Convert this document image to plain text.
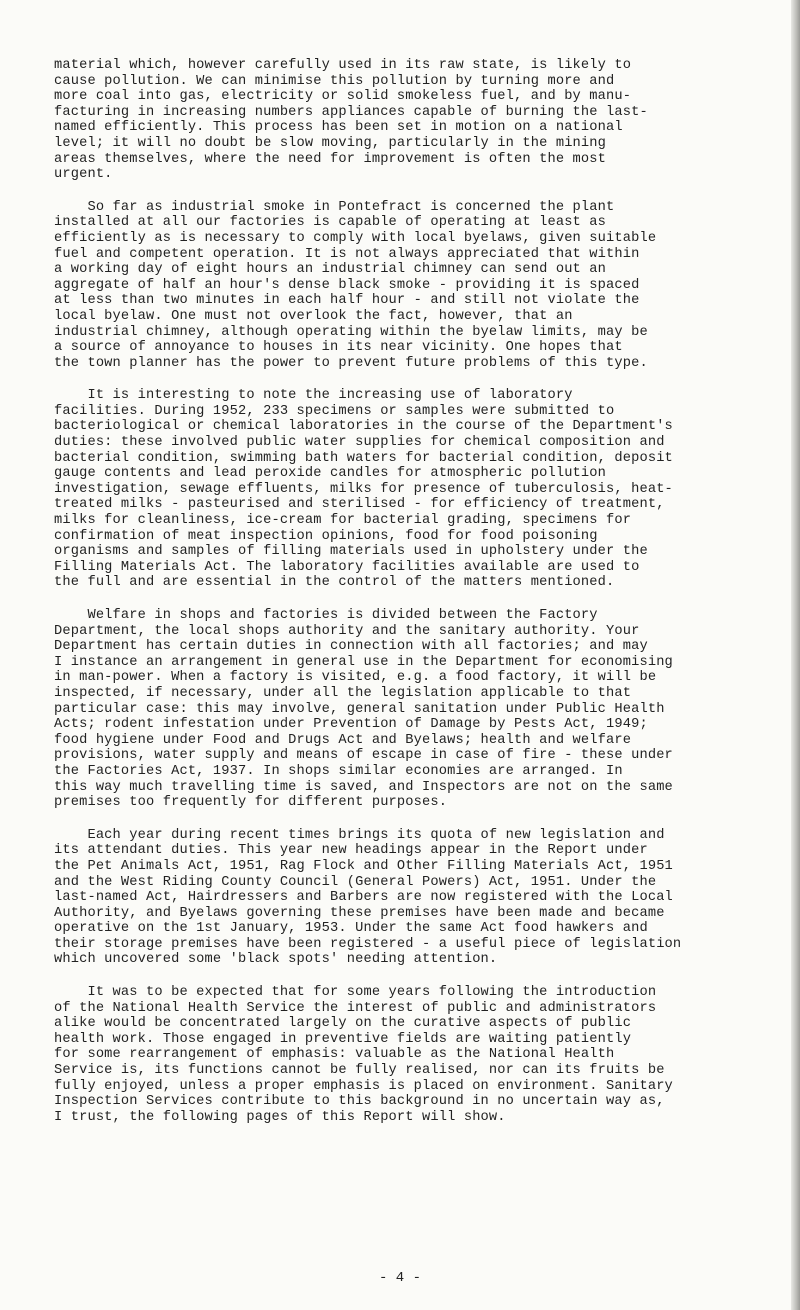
material which, however carefully used in its raw state, is likely to
cause pollution. We can minimise this pollution by turning more and
more coal into gas, electricity or solid smokeless fuel, and by manu-
facturing in increasing numbers appliances capable of burning the last-
named efficiently. This process has been set in motion on a national
level; it will no doubt be slow moving, particularly in the mining
areas themselves, where the need for improvement is often the most
urgent.
So far as industrial smoke in Pontefract is concerned the plant
installed at all our factories is capable of operating at least as
efficiently as is necessary to comply with local byelaws, given suitable
fuel and competent operation. It is not always appreciated that within
a working day of eight hours an industrial chimney can send out an
aggregate of half an hour's dense black smoke - providing it is spaced
at less than two minutes in each half hour - and still not violate the
local byelaw. One must not overlook the fact, however, that an
industrial chimney, although operating within the byelaw limits, may be
a source of annoyance to houses in its near vicinity. One hopes that
the town planner has the power to prevent future problems of this type.
It is interesting to note the increasing use of laboratory
facilities. During 1952, 233 specimens or samples were submitted to
bacteriological or chemical laboratories in the course of the Department's
duties: these involved public water supplies for chemical composition and
bacterial condition, swimming bath waters for bacterial condition, deposit
gauge contents and lead peroxide candles for atmospheric pollution
investigation, sewage effluents, milks for presence of tuberculosis, heat-
treated milks - pasteurised and sterilised - for efficiency of treatment,
milks for cleanliness, ice-cream for bacterial grading, specimens for
confirmation of meat inspection opinions, food for food poisoning
organisms and samples of filling materials used in upholstery under the
Filling Materials Act. The laboratory facilities available are used to
the full and are essential in the control of the matters mentioned.
Welfare in shops and factories is divided between the Factory
Department, the local shops authority and the sanitary authority. Your
Department has certain duties in connection with all factories; and may
I instance an arrangement in general use in the Department for economising
in man-power. When a factory is visited, e.g. a food factory, it will be
inspected, if necessary, under all the legislation applicable to that
particular case: this may involve, general sanitation under Public Health
Acts; rodent infestation under Prevention of Damage by Pests Act, 1949;
food hygiene under Food and Drugs Act and Byelaws; health and welfare
provisions, water supply and means of escape in case of fire - these under
the Factories Act, 1937. In shops similar economies are arranged. In
this way much travelling time is saved, and Inspectors are not on the same
premises too frequently for different purposes.
Each year during recent times brings its quota of new legislation and
its attendant duties. This year new headings appear in the Report under
the Pet Animals Act, 1951, Rag Flock and Other Filling Materials Act, 1951
and the West Riding County Council (General Powers) Act, 1951. Under the
last-named Act, Hairdressers and Barbers are now registered with the Local
Authority, and Byelaws governing these premises have been made and became
operative on the 1st January, 1953. Under the same Act food hawkers and
their storage premises have been registered - a useful piece of legislation
which uncovered some 'black spots' needing attention.
It was to be expected that for some years following the introduction
of the National Health Service the interest of public and administrators
alike would be concentrated largely on the curative aspects of public
health work. Those engaged in preventive fields are waiting patiently
for some rearrangement of emphasis: valuable as the National Health
Service is, its functions cannot be fully realised, nor can its fruits be
fully enjoyed, unless a proper emphasis is placed on environment. Sanitary
Inspection Services contribute to this background in no uncertain way as,
I trust, the following pages of this Report will show.
- 4 -
